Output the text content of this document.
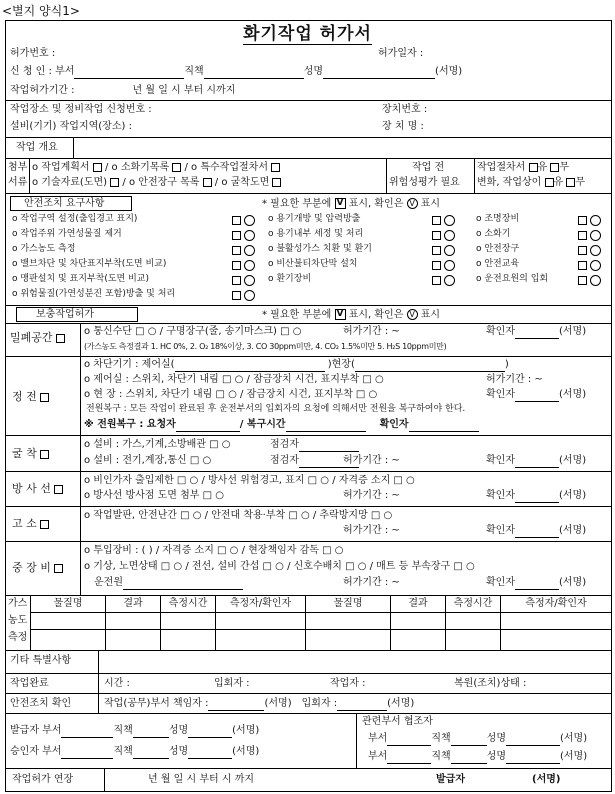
<별지 양식1>
화기작업 허가서
허가번호 :	허가일자 :
신 청 인 : 부서	직책	성명	(서명)
작업허가기간 :	년 월 일 시 부터 시까지
작업장소 및 정비작업 신청번호 :
설비(기기) 작업지역(장소) :
장치번호 :
장 치 명 :
작업 개요
첨부
서류
o 작업계획서  / o 소화기목록  / o 특수작업절차서
o 기술자료(도면)  / o 안전장구 목록  / o 굴착도면
작업 전
위험성평가 필요
작업절차서 유 무
변화, 작업상이 유 무
안전조치 요구사항	* 필요한 부분에 V 표시, 확인은 V 표시
o 작업구역 설정(출입경고 표지)

o 작업주위 가연성물질 제거

o 가스농도 측정

o 밸브차단 및 차단표지부착(도면 비교)

o 맹판설치 및 표지부착(도면 비교)

o 위험물질(가연성분진 포함)방출 및 처리

o 용기개방 및 압력방출

o 용기내부 세정 및 처리

o 불활성가스 치환 및 환기

o 비산불티차단막 설치

o 환기장비

o 조명장비

o 소화기

o 안전장구

o 안전교육

o 운전요원의 입회

보충작업허가	* 필요한 부분에 V 표시, 확인은 V 표시
밀폐공간	o 통신수단 □ ○ / 구명장구(줄, 송기마스크) □ ○
(가스농도 측정결과 1. HC 0%, 2. O₂ 18%이상, 3. CO 30ppm미만, 4. CO₂ 1.5%미만 5. H₂S 10ppm미만)
허가기간 : ~	확인자	(서명)
정 전
o 차단기기 : 제어실(	)현장(	)
o 제어실 : 스위치, 차단기 내림 □ ○ / 잠금장치 시건, 표지부착 □ ○
o 현 장 : 스위치, 차단기 내림 □ ○ / 잠금장치 시건, 표지부착 □ ○
전원복구 : 모든 작업이 완료된 후 운전부서의 입회자의 요청에 의해서만 전원을 복구하여야 한다.
※ 전원복구 : 요청자	/ 복구시간	확인자
허가기간 : ~
확인자	(서명)
굴 착
o 설비 : 가스,기계,소방배관 □ ○
o 설비 : 전기,계장,통신 □ ○
점검자
점검자	허가기간 : ~	확인자	(서명)
방 사 선
o 비인가자 출입제한 □ ○ / 방사선 위험경고, 표지 □ ○ / 자격증 소지 □ ○
o 방사선 방사점 도면 첨부 □ ○	허가기간 : ~	확인자	(서명)
고 소
o 작업발판, 안전난간 □ ○ / 안전대 착용·부착 □ ○ / 추락방지망 □ ○
허가기간 : ~	확인자	(서명)
중 장 비
o 투입장비 : ( ) / 자격증 소지 □ ○ / 현장책임자 감독 □ ○
o 기상, 노면상태 □ ○ / 전선, 설비 간섭 □ ○ / 신호수배치 □ ○ / 매트 등 부속장구 □ ○
운전원	허가기간 : ~	확인자	(서명)
가스
농도
측정
물질명	결과	측정시간	측정자/확인자	물질명	결과	측정시간	측정자/확인자
기타 특별사항
작업완료	시간 :	입회자 :	작업자 :	복원(조치)상태 :
안전조치 확인	작업(공무)부서 책임자 :	(서명) 입회자 :	(서명)
발급자 부서	직책	성명	(서명)
승인자 부서	직책	성명	(서명)
관련부서 협조자
부서	직책	성명	(서명)
부서	직책	성명	(서명)
작업허가 연장	년 월 일 시 부터 시 까지	발급자	(서명)
